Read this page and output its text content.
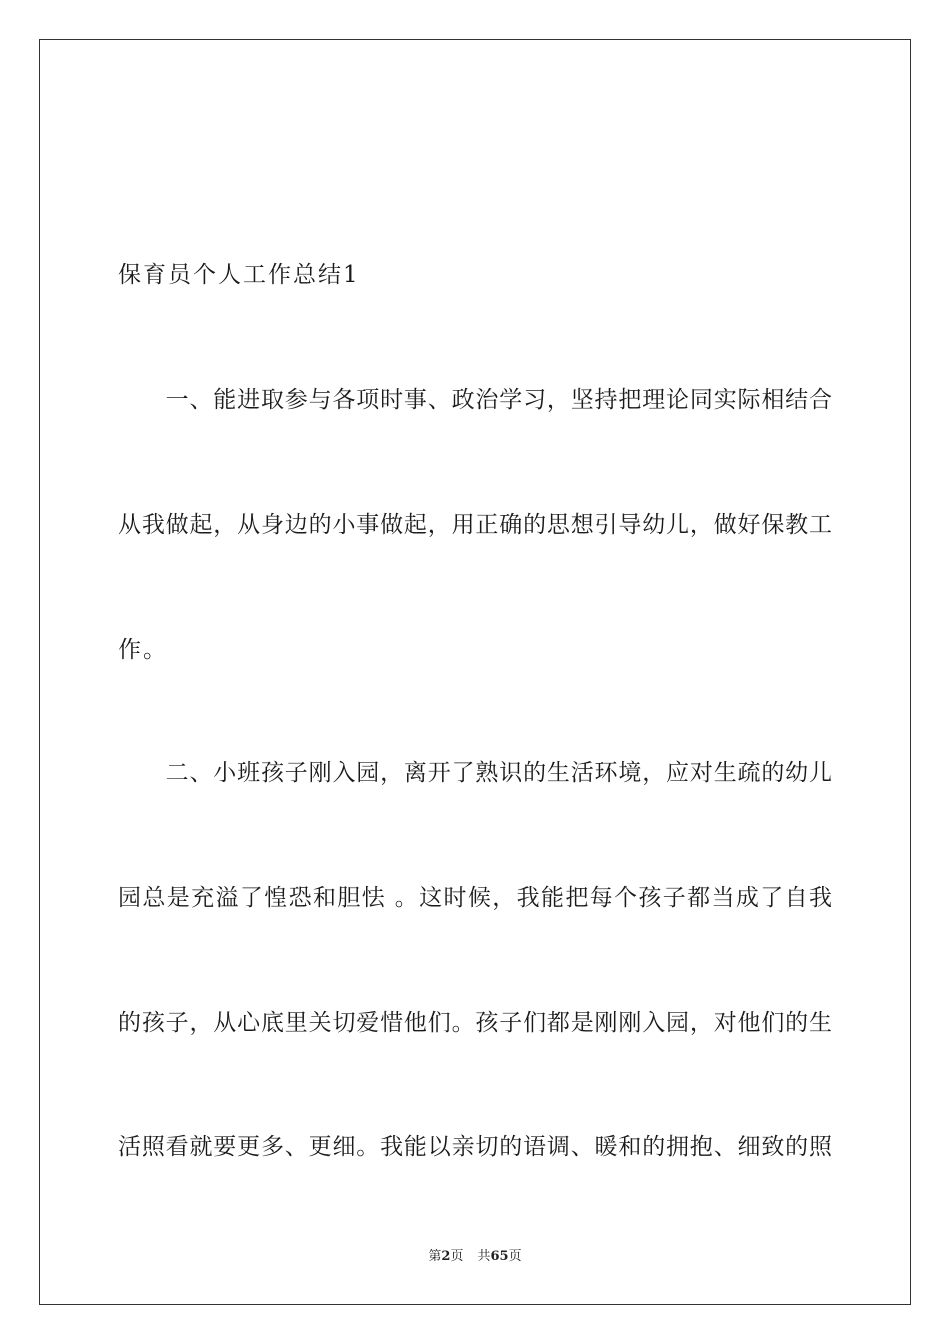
保育员个人工作总结1
　　一、能进取参与各项时事、政治学习，坚持把理论同实际相结合
从我做起，从身边的小事做起，用正确的思想引导幼儿，做好保教工
作。
　　二、小班孩子刚入园，离开了熟识的生活环境，应对生疏的幼儿
园总是充溢了惶恐和胆怯 。这时候，我能把每个孩子都当成了自我
的孩子，从心底里关切爱惜他们。孩子们都是刚刚入园，对他们的生
活照看就要更多、更细。我能以亲切的语调、暖和的拥抱、细致的照
第2页 共65页
